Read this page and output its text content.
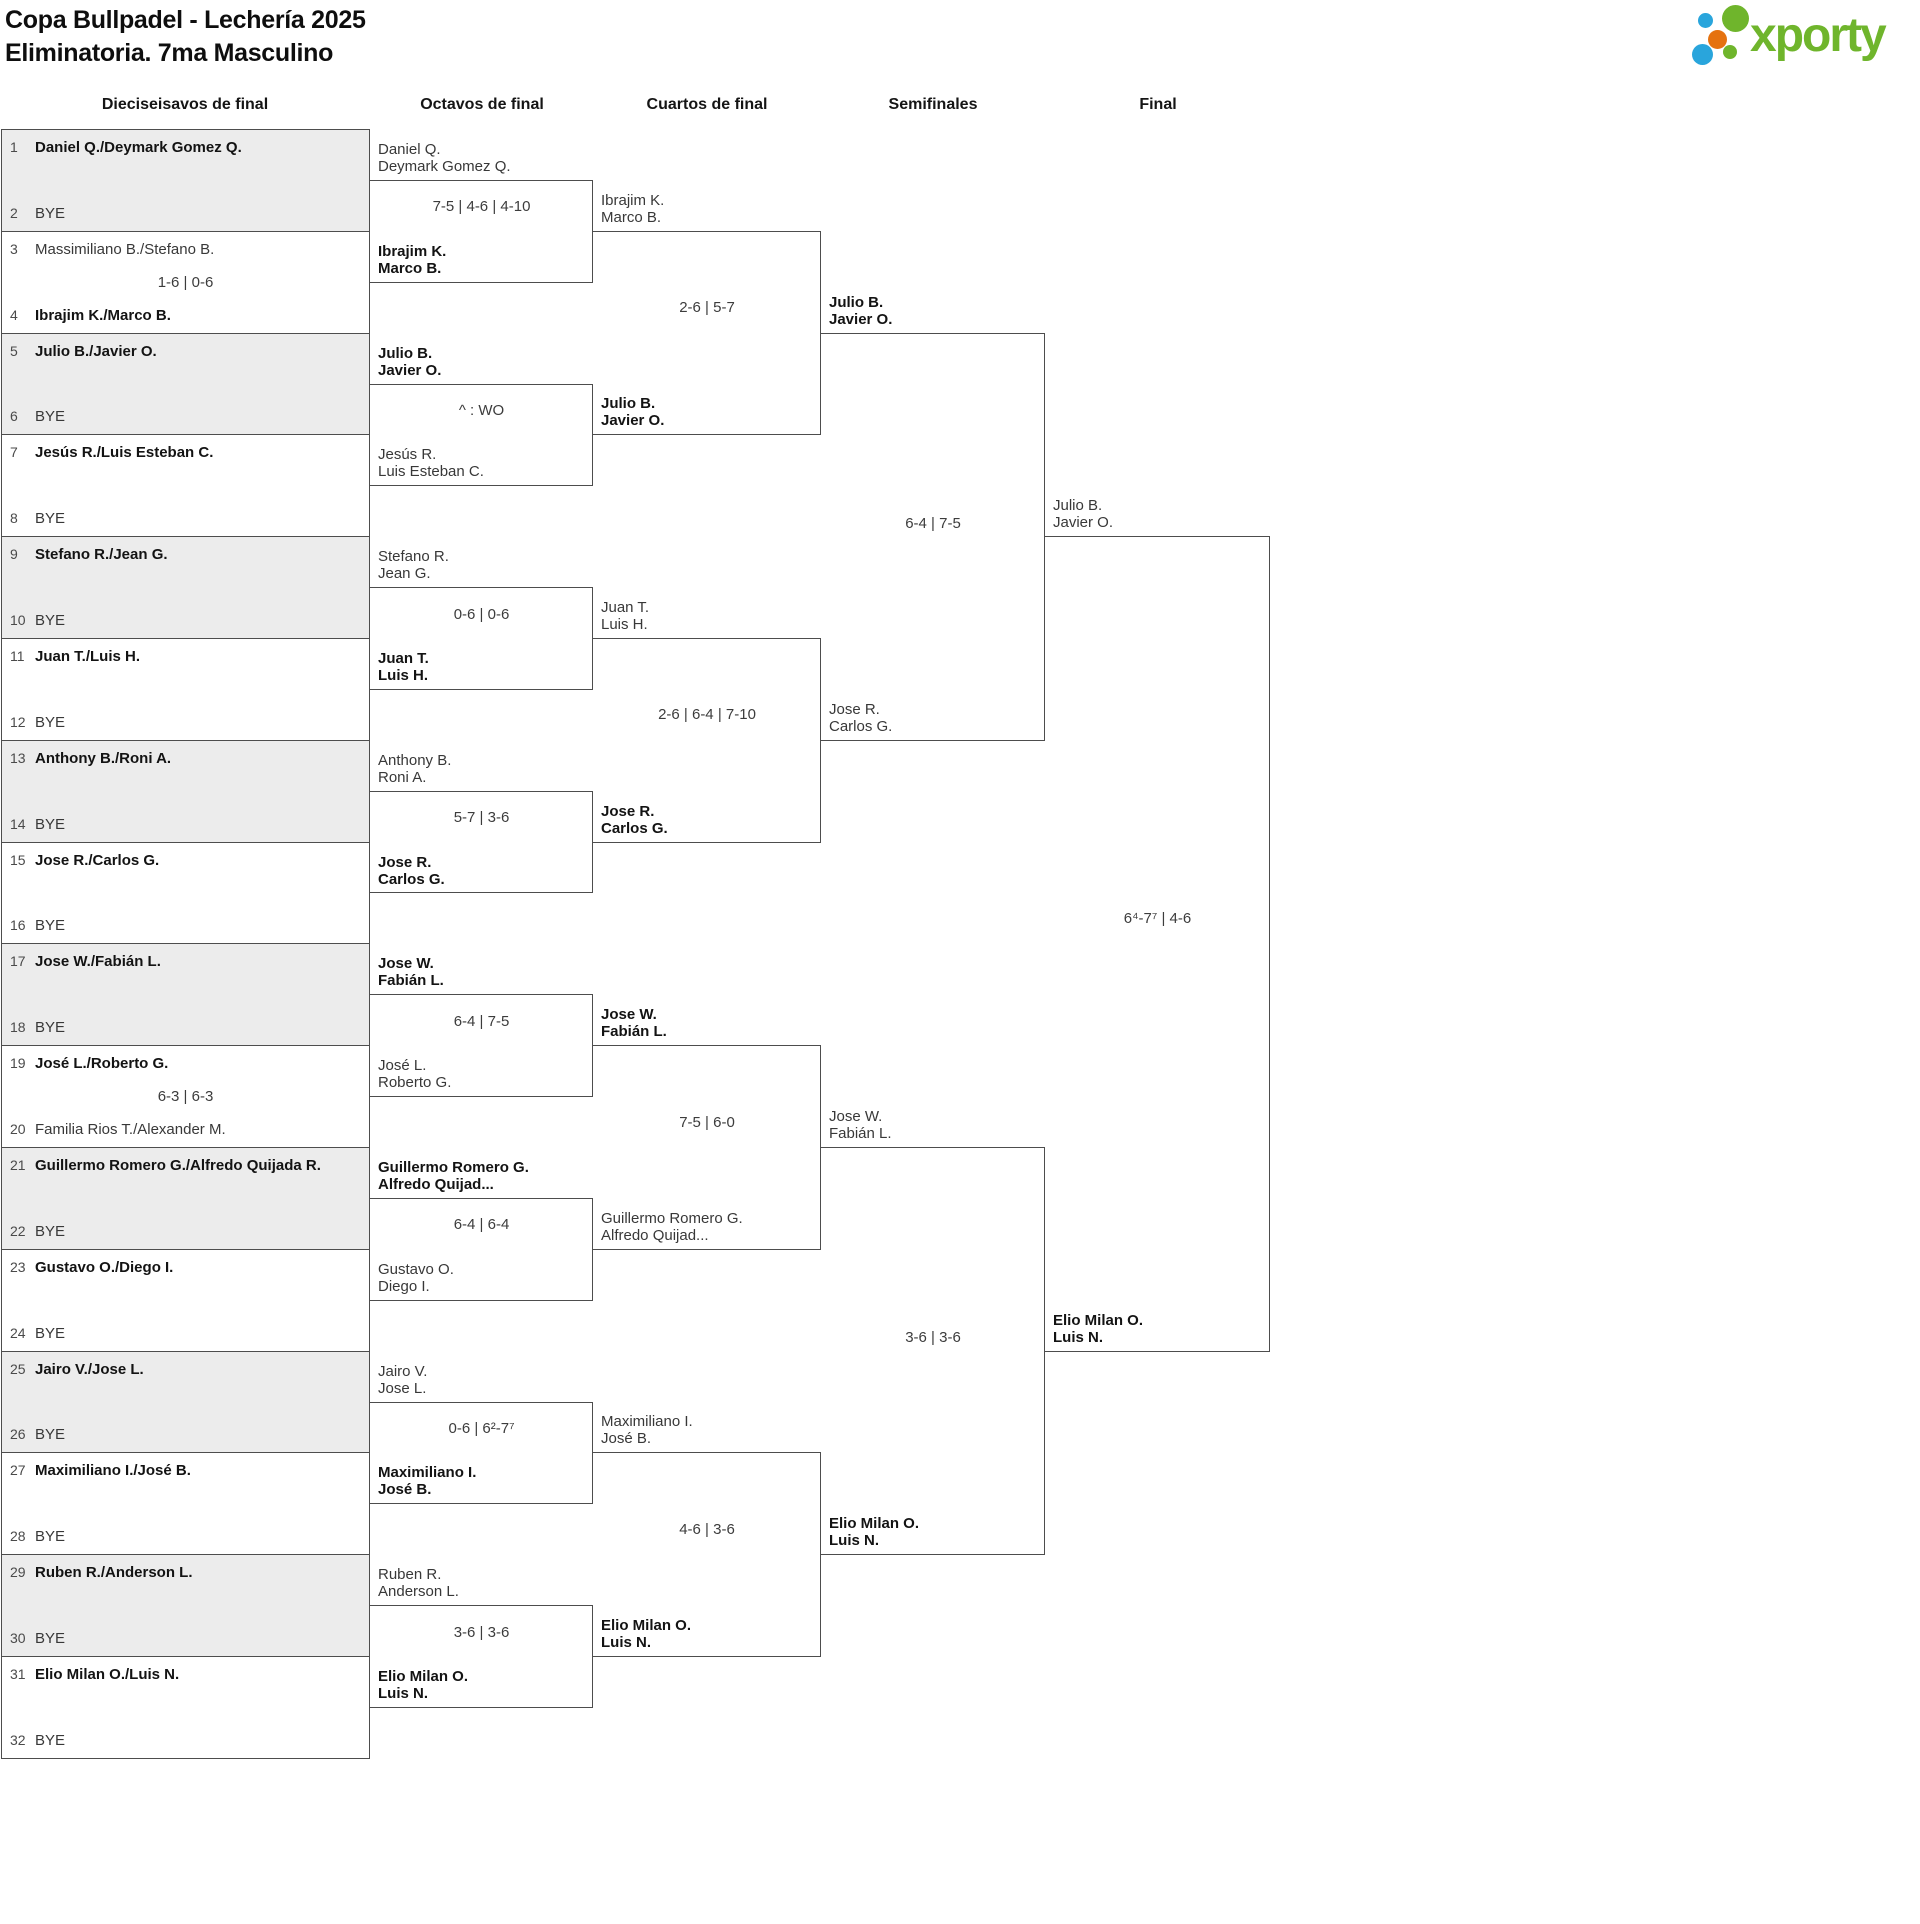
Copa Bullpadel - Lechería 2025
Eliminatoria. 7ma Masculino	xporty
Dieciseisavos de final	Octavos de final	Cuartos de final	Semifinales	Final
1	Daniel Q./Deymark Gomez Q.
2	BYE
3	Massimiliano B./Stefano B.
4	Ibrajim K./Marco B.
1-6 | 0-6
5	Julio B./Javier O.
6	BYE
7	Jesús R./Luis Esteban C.
8	BYE
9	Stefano R./Jean G.
10 BYE
11 Juan T./Luis H.
12 BYE
13 Anthony B./Roni A.
14 BYE
15 Jose R./Carlos G.
16 BYE
17 Jose W./Fabián L.
18 BYE
19 José L./Roberto G.
20 Familia Rios T./Alexander M.
6-3 | 6-3
21 Guillermo Romero G./Alfredo Quijada R.
22 BYE
23 Gustavo O./Diego I.
24 BYE
25 Jairo V./Jose L.
26 BYE
27 Maximiliano I./José B.
28 BYE
29 Ruben R./Anderson L.
30 BYE
31 Elio Milan O./Luis N.
32 BYE
Daniel Q.
Deymark Gomez Q.
Ibrajim K.
Marco B.
7-5 | 4-6 | 4-10
Julio B.
Javier O.
Jesús R.
Luis Esteban C.
^ : WO
Stefano R.
Jean G.
Juan T.
Luis H.
0-6 | 0-6
Anthony B.
Roni A.
Jose R.
Carlos G.
5-7 | 3-6
Jose W.
Fabián L.
José L.
Roberto G.
6-4 | 7-5
Guillermo Romero G.
Alfredo Quijad...
Gustavo O.
Diego I.
6-4 | 6-4
Jairo V.
Jose L.
Maximiliano I.
José B.
0-6 | 6²-7⁷
Ruben R.
Anderson L.
Elio Milan O.
Luis N.
3-6 | 3-6
Ibrajim K.
Marco B.
Julio B.
Javier O.
2-6 | 5-7
Juan T.
Luis H.
Jose R.
Carlos G.
2-6 | 6-4 | 7-10
Jose W.
Fabián L.
Guillermo Romero G.
Alfredo Quijad...
7-5 | 6-0
Maximiliano I.
José B.
Elio Milan O.
Luis N.
4-6 | 3-6
Julio B.
Javier O.
Jose R.
Carlos G.
6-4 | 7-5
Jose W.
Fabián L.
Elio Milan O.
Luis N.
3-6 | 3-6
Julio B.
Javier O.
Elio Milan O.
Luis N.
6⁴-7⁷ | 4-6
